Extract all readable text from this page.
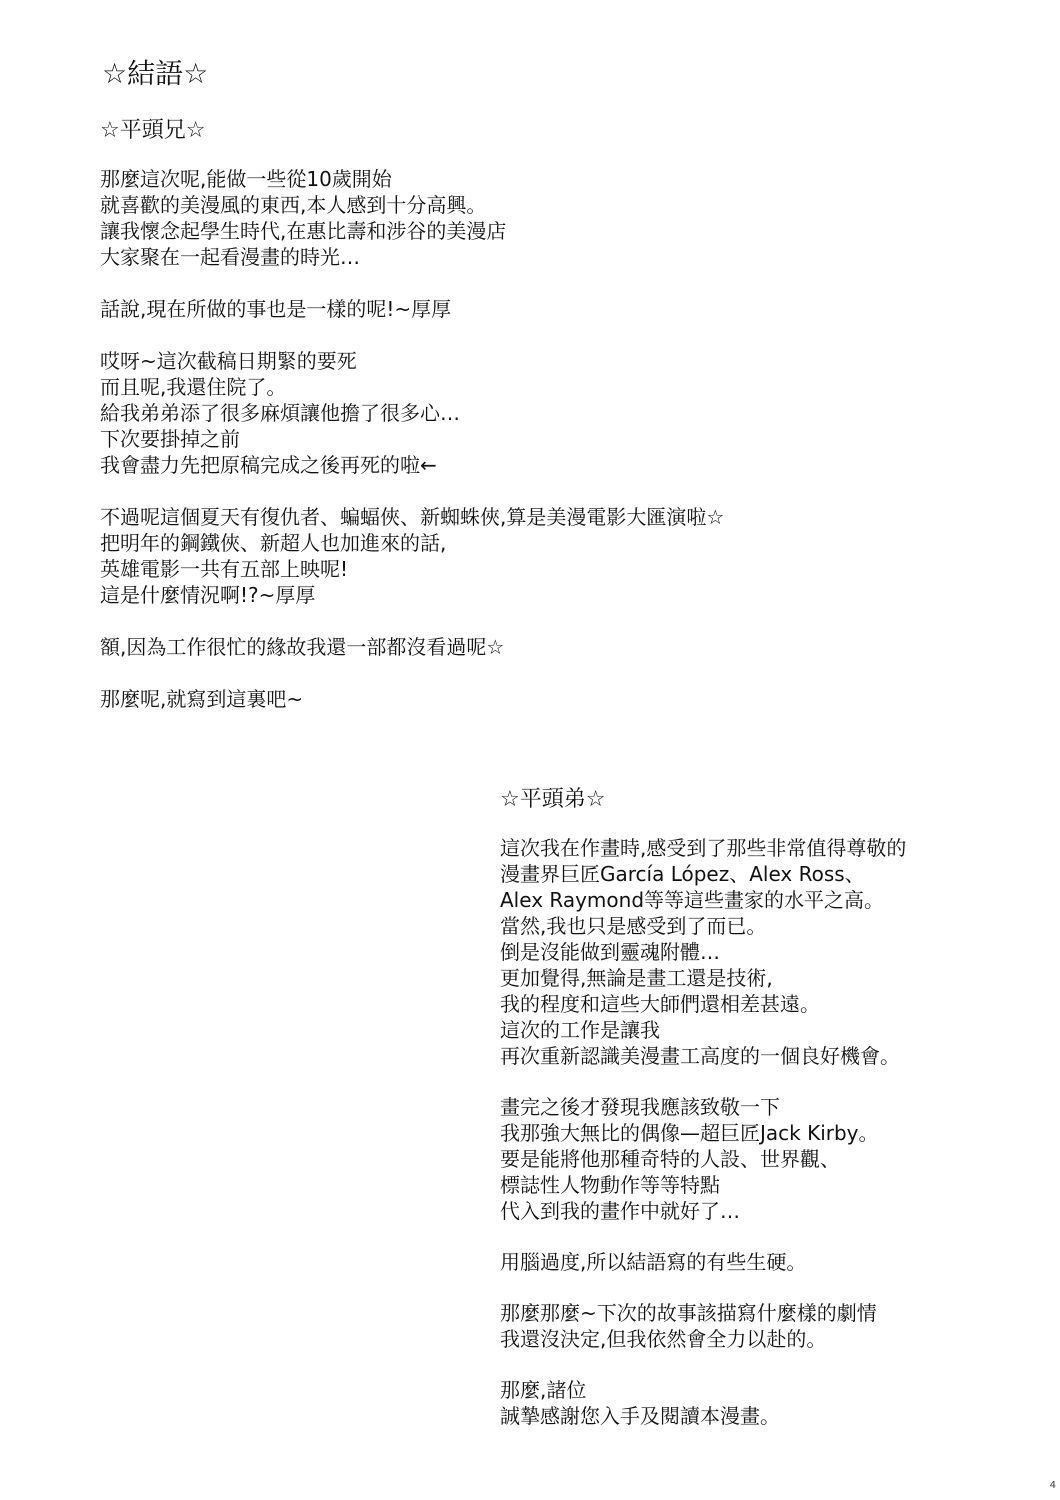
☆結語☆
☆平頭兄☆
那麼這次呢,能做一些從10歲開始
就喜歡的美漫風的東西,本人感到十分高興。
讓我懷念起學生時代,在惠比壽和涉谷的美漫店
大家聚在一起看漫畫的時光…
話說,現在所做的事也是一樣的呢!~厚厚
哎呀~這次截稿日期緊的要死
而且呢,我還住院了。
給我弟弟添了很多麻煩讓他擔了很多心…
下次要掛掉之前
我會盡力先把原稿完成之後再死的啦←
不過呢這個夏天有復仇者、蝙蝠俠、新蜘蛛俠,算是美漫電影大匯演啦☆
把明年的鋼鐵俠、新超人也加進來的話,
英雄電影一共有五部上映呢!
這是什麼情況啊!?~厚厚
額,因為工作很忙的緣故我還一部都沒看過呢☆
那麼呢,就寫到這裏吧~
☆平頭弟☆
這次我在作畫時,感受到了那些非常值得尊敬的
漫畫界巨匠García López、Alex Ross、
Alex Raymond等等這些畫家的水平之高。
當然,我也只是感受到了而已。
倒是沒能做到靈魂附體…
更加覺得,無論是畫工還是技術,
我的程度和這些大師們還相差甚遠。
這次的工作是讓我
再次重新認識美漫畫工高度的一個良好機會。
畫完之後才發現我應該致敬一下
我那強大無比的偶像—超巨匠Jack Kirby。
要是能將他那種奇特的人設、世界觀、
標誌性人物動作等等特點
代入到我的畫作中就好了…
用腦過度,所以結語寫的有些生硬。
那麼那麼~下次的故事該描寫什麼樣的劇情
我還沒決定,但我依然會全力以赴的。
那麼,諸位
誠摯感謝您入手及閱讀本漫畫。
4
